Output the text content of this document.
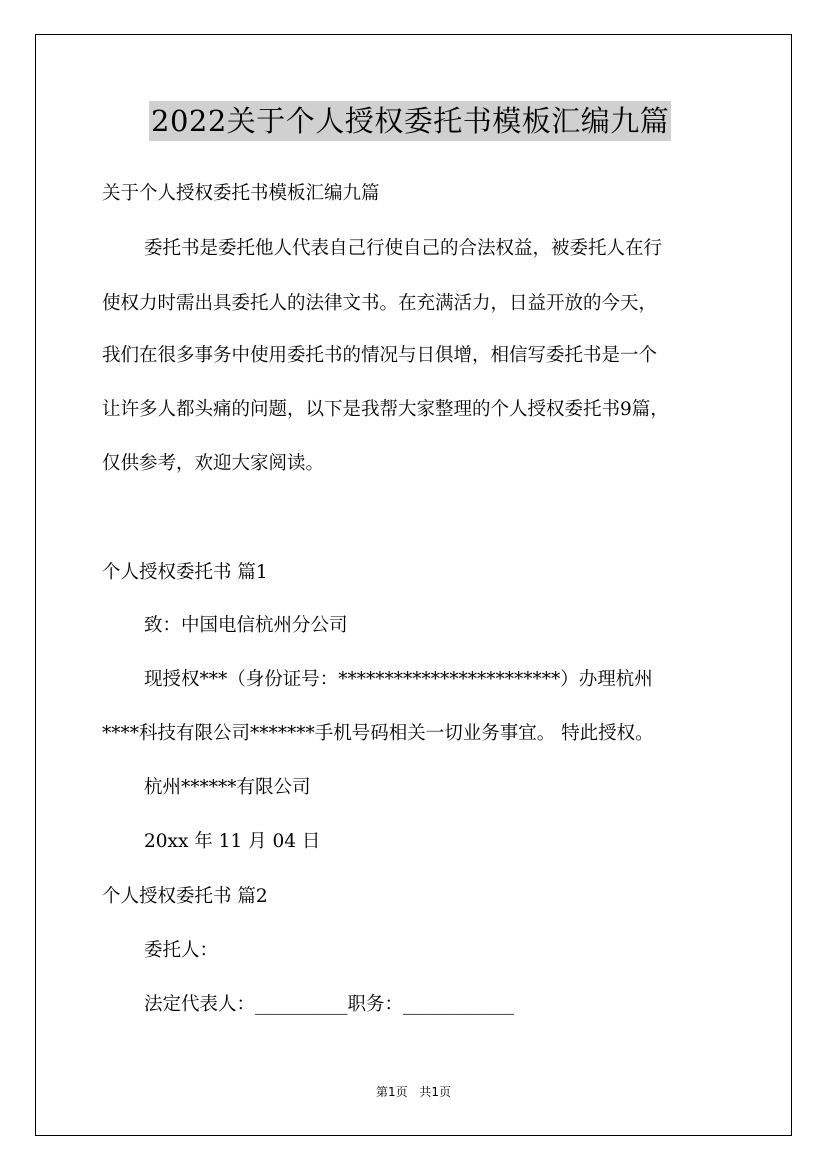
2022关于个人授权委托书模板汇编九篇
关于个人授权委托书模板汇编九篇
委托书是委托他人代表自己行使自己的合法权益，被委托人在行
使权力时需出具委托人的法律文书。在充满活力，日益开放的今天，
我们在很多事务中使用委托书的情况与日俱增，相信写委托书是一个
让许多人都头痛的问题，以下是我帮大家整理的个人授权委托书9篇，
仅供参考，欢迎大家阅读。
个人授权委托书 篇1
致：中国电信杭州分公司
现授权***（身份证号：************************）办理杭州
****科技有限公司*******手机号码相关一切业务事宜。 特此授权。
杭州******有限公司
20xx 年 11 月 04 日
个人授权委托书 篇2
委托人：
法定代表人：__________职务：____________
第1页 共1页
